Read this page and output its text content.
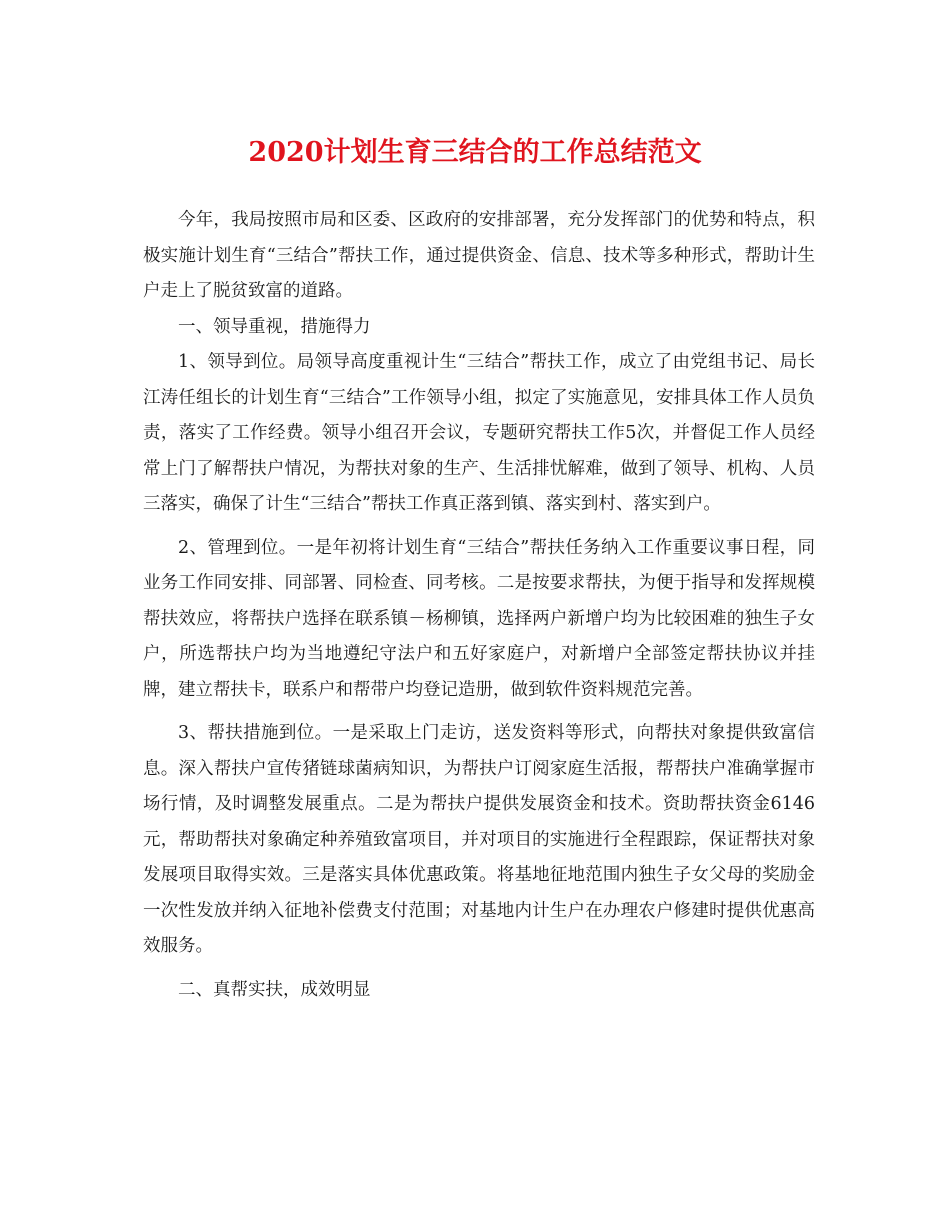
2020计划生育三结合的工作总结范文

今年，我局按照市局和区委、区政府的安排部署，充分发挥部门的优势和特点，积极实施计划生育“三结合”帮扶工作，通过提供资金、信息、技术等多种形式，帮助计生户走上了脱贫致富的道路。

一、领导重视，措施得力

1、领导到位。局领导高度重视计生“三结合”帮扶工作，成立了由党组书记、局长江涛任组长的计划生育“三结合”工作领导小组，拟定了实施意见，安排具体工作人员负责，落实了工作经费。领导小组召开会议，专题研究帮扶工作5次，并督促工作人员经常上门了解帮扶户情况，为帮扶对象的生产、生活排忧解难，做到了领导、机构、人员三落实，确保了计生“三结合”帮扶工作真正落到镇、落实到村、落实到户。

2、管理到位。一是年初将计划生育“三结合”帮扶任务纳入工作重要议事日程，同业务工作同安排、同部署、同检查、同考核。二是按要求帮扶，为便于指导和发挥规模帮扶效应，将帮扶户选择在联系镇－杨柳镇，选择两户新增户均为比较困难的独生子女户，所选帮扶户均为当地遵纪守法户和五好家庭户，对新增户全部签定帮扶协议并挂牌，建立帮扶卡，联系户和帮带户均登记造册，做到软件资料规范完善。

3、帮扶措施到位。一是采取上门走访，送发资料等形式，向帮扶对象提供致富信息。深入帮扶户宣传猪链球菌病知识，为帮扶户订阅家庭生活报，帮帮扶户准确掌握市场行情，及时调整发展重点。二是为帮扶户提供发展资金和技术。资助帮扶资金6146元，帮助帮扶对象确定种养殖致富项目，并对项目的实施进行全程跟踪，保证帮扶对象发展项目取得实效。三是落实具体优惠政策。将基地征地范围内独生子女父母的奖励金一次性发放并纳入征地补偿费支付范围；对基地内计生户在办理农户修建时提供优惠高效服务。

二、真帮实扶，成效明显
